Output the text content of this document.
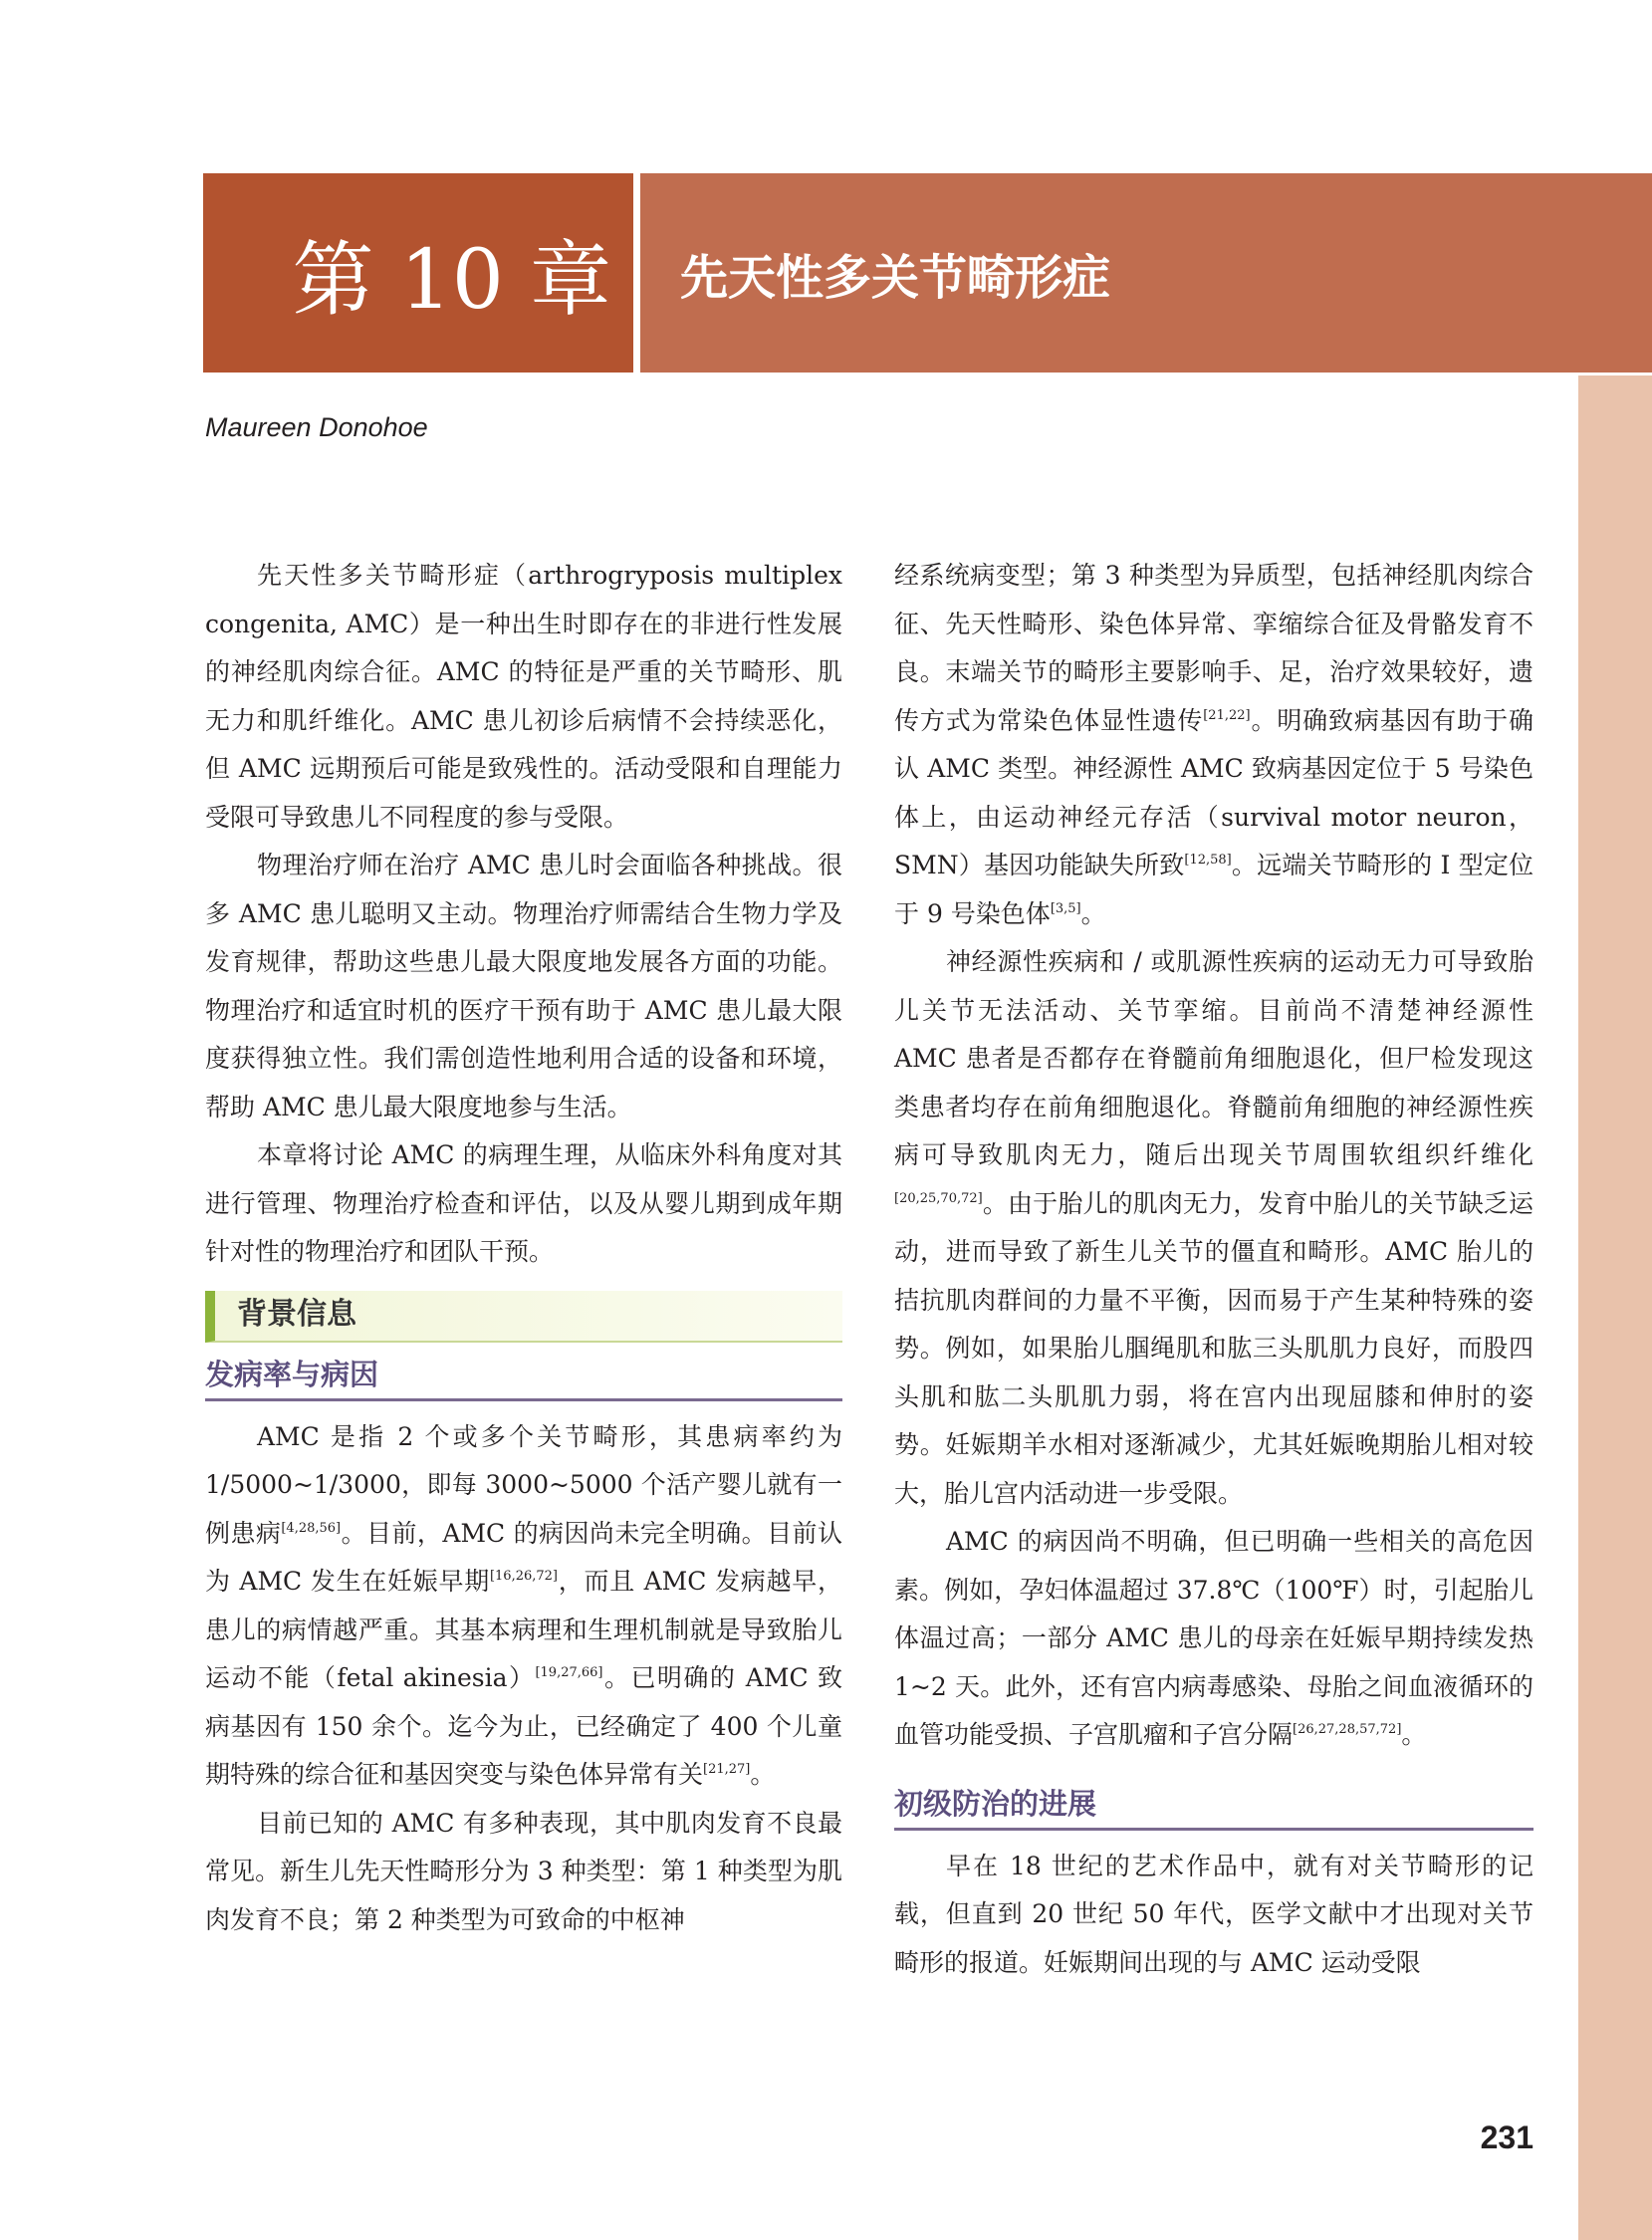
第 10 章	先天性多关节畸形症
Maureen Donohoe

先天性多关节畸形症（arthrogryposis multiplex congenita, AMC）是一种出生时即存在的非进行性发展的神经肌肉综合征。AMC 的特征是严重的关节畸形、肌无力和肌纤维化。AMC 患儿初诊后病情不会持续恶化，但 AMC 远期预后可能是致残性的。活动受限和自理能力受限可导致患儿不同程度的参与受限。

物理治疗师在治疗 AMC 患儿时会面临各种挑战。很多 AMC 患儿聪明又主动。物理治疗师需结合生物力学及发育规律，帮助这些患儿最大限度地发展各方面的功能。物理治疗和适宜时机的医疗干预有助于 AMC 患儿最大限度获得独立性。我们需创造性地利用合适的设备和环境，帮助 AMC 患儿最大限度地参与生活。

本章将讨论 AMC 的病理生理，从临床外科角度对其进行管理、物理治疗检查和评估，以及从婴儿期到成年期针对性的物理治疗和团队干预。

背景信息
发病率与病因

AMC 是指 2 个或多个关节畸形，其患病率约为 1/5000~1/3000，即每 3000~5000 个活产婴儿就有一例患病[4,28,56]。目前，AMC 的病因尚未完全明确。目前认为 AMC 发生在妊娠早期[16,26,72]，而且 AMC 发病越早，患儿的病情越严重。其基本病理和生理机制就是导致胎儿运动不能（fetal akinesia）[19,27,66]。已明确的 AMC 致病基因有 150 余个。迄今为止，已经确定了 400 个儿童期特殊的综合征和基因突变与染色体异常有关[21,27]。

目前已知的 AMC 有多种表现，其中肌肉发育不良最常见。新生儿先天性畸形分为 3 种类型：第 1 种类型为肌肉发育不良；第 2 种类型为可致命的中枢神

经系统病变型；第 3 种类型为异质型，包括神经肌肉综合征、先天性畸形、染色体异常、挛缩综合征及骨骼发育不良。末端关节的畸形主要影响手、足，治疗效果较好，遗传方式为常染色体显性遗传[21,22]。明确致病基因有助于确认 AMC 类型。神经源性 AMC 致病基因定位于 5 号染色体上，由运动神经元存活（survival motor neuron，SMN）基因功能缺失所致[12,58]。远端关节畸形的 Ⅰ 型定位于 9 号染色体[3,5]。

神经源性疾病和 / 或肌源性疾病的运动无力可导致胎儿关节无法活动、关节挛缩。目前尚不清楚神经源性 AMC 患者是否都存在脊髓前角细胞退化，但尸检发现这类患者均存在前角细胞退化。脊髓前角细胞的神经源性疾病可导致肌肉无力，随后出现关节周围软组织纤维化[20,25,70,72]。由于胎儿的肌肉无力，发育中胎儿的关节缺乏运动，进而导致了新生儿关节的僵直和畸形。AMC 胎儿的拮抗肌肉群间的力量不平衡，因而易于产生某种特殊的姿势。例如，如果胎儿腘绳肌和肱三头肌肌力良好，而股四头肌和肱二头肌肌力弱，将在宫内出现屈膝和伸肘的姿势。妊娠期羊水相对逐渐减少，尤其妊娠晚期胎儿相对较大，胎儿宫内活动进一步受限。

AMC 的病因尚不明确，但已明确一些相关的高危因素。例如，孕妇体温超过 37.8℃（100℉）时，引起胎儿体温过高；一部分 AMC 患儿的母亲在妊娠早期持续发热 1~2 天。此外，还有宫内病毒感染、母胎之间血液循环的血管功能受损、子宫肌瘤和子宫分隔[26,27,28,57,72]。

初级防治的进展

早在 18 世纪的艺术作品中，就有对关节畸形的记载，但直到 20 世纪 50 年代，医学文献中才出现对关节畸形的报道。妊娠期间出现的与 AMC 运动受限

231
